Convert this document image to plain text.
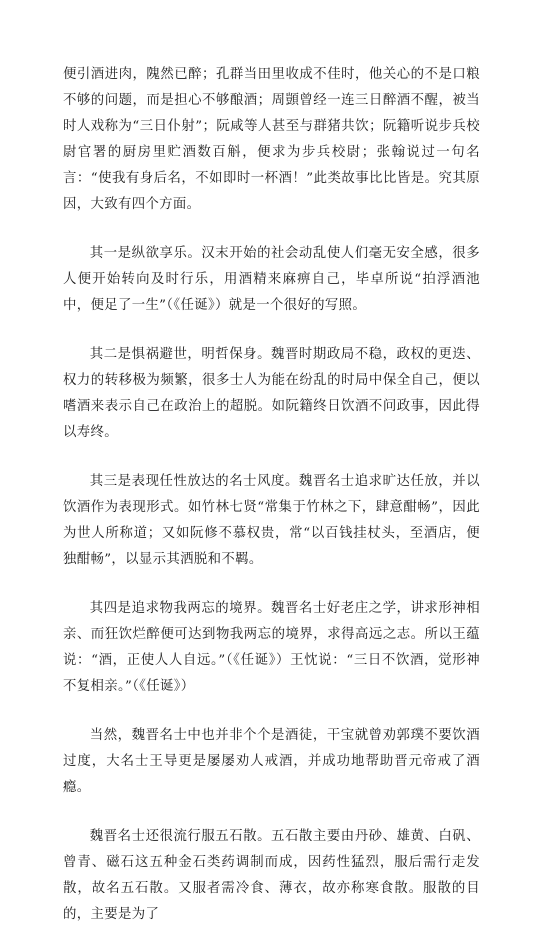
便引酒进肉，隗然已醉；孔群当田里收成不佳时，他关心的不是口粮不够的问题，而是担心不够酿酒；周顗曾经一连三日醉酒不醒，被当时人戏称为“三日仆射”；阮咸等人甚至与群猪共饮；阮籍听说步兵校尉官署的厨房里贮酒数百斛，便求为步兵校尉；张翰说过一句名言：“使我有身后名，不如即时一杯酒！”此类故事比比皆是。究其原因，大致有四个方面。

其一是纵欲享乐。汉末开始的社会动乱使人们毫无安全感，很多人便开始转向及时行乐，用酒精来麻痹自己，毕卓所说“拍浮酒池中，便足了一生”（《任诞》）就是一个很好的写照。

其二是惧祸避世，明哲保身。魏晋时期政局不稳，政权的更迭、权力的转移极为频繁，很多士人为能在纷乱的时局中保全自己，便以嗜酒来表示自己在政治上的超脱。如阮籍终日饮酒不问政事，因此得以寿终。

其三是表现任性放达的名士风度。魏晋名士追求旷达任放，并以饮酒作为表现形式。如竹林七贤“常集于竹林之下，肆意酣畅”，因此为世人所称道；又如阮修不慕权贵，常“以百钱挂杖头，至酒店，便独酣畅”，以显示其洒脱和不羁。

其四是追求物我两忘的境界。魏晋名士好老庄之学，讲求形神相亲、而狂饮烂醉便可达到物我两忘的境界，求得高远之志。所以王蕴说：“酒，正使人人自远。”（《任诞》）王忱说：“三日不饮酒，觉形神不复相亲。”（《任诞》）

当然，魏晋名士中也并非个个是酒徒，干宝就曾劝郭璞不要饮酒过度，大名士王导更是屡屡劝人戒酒，并成功地帮助晋元帝戒了酒瘾。

魏晋名士还很流行服五石散。五石散主要由丹砂、雄黄、白矾、曾青、磁石这五种金石类药调制而成，因药性猛烈，服后需行走发散，故名五石散。又服者需冷食、薄衣，故亦称寒食散。服散的目的，主要是为了
